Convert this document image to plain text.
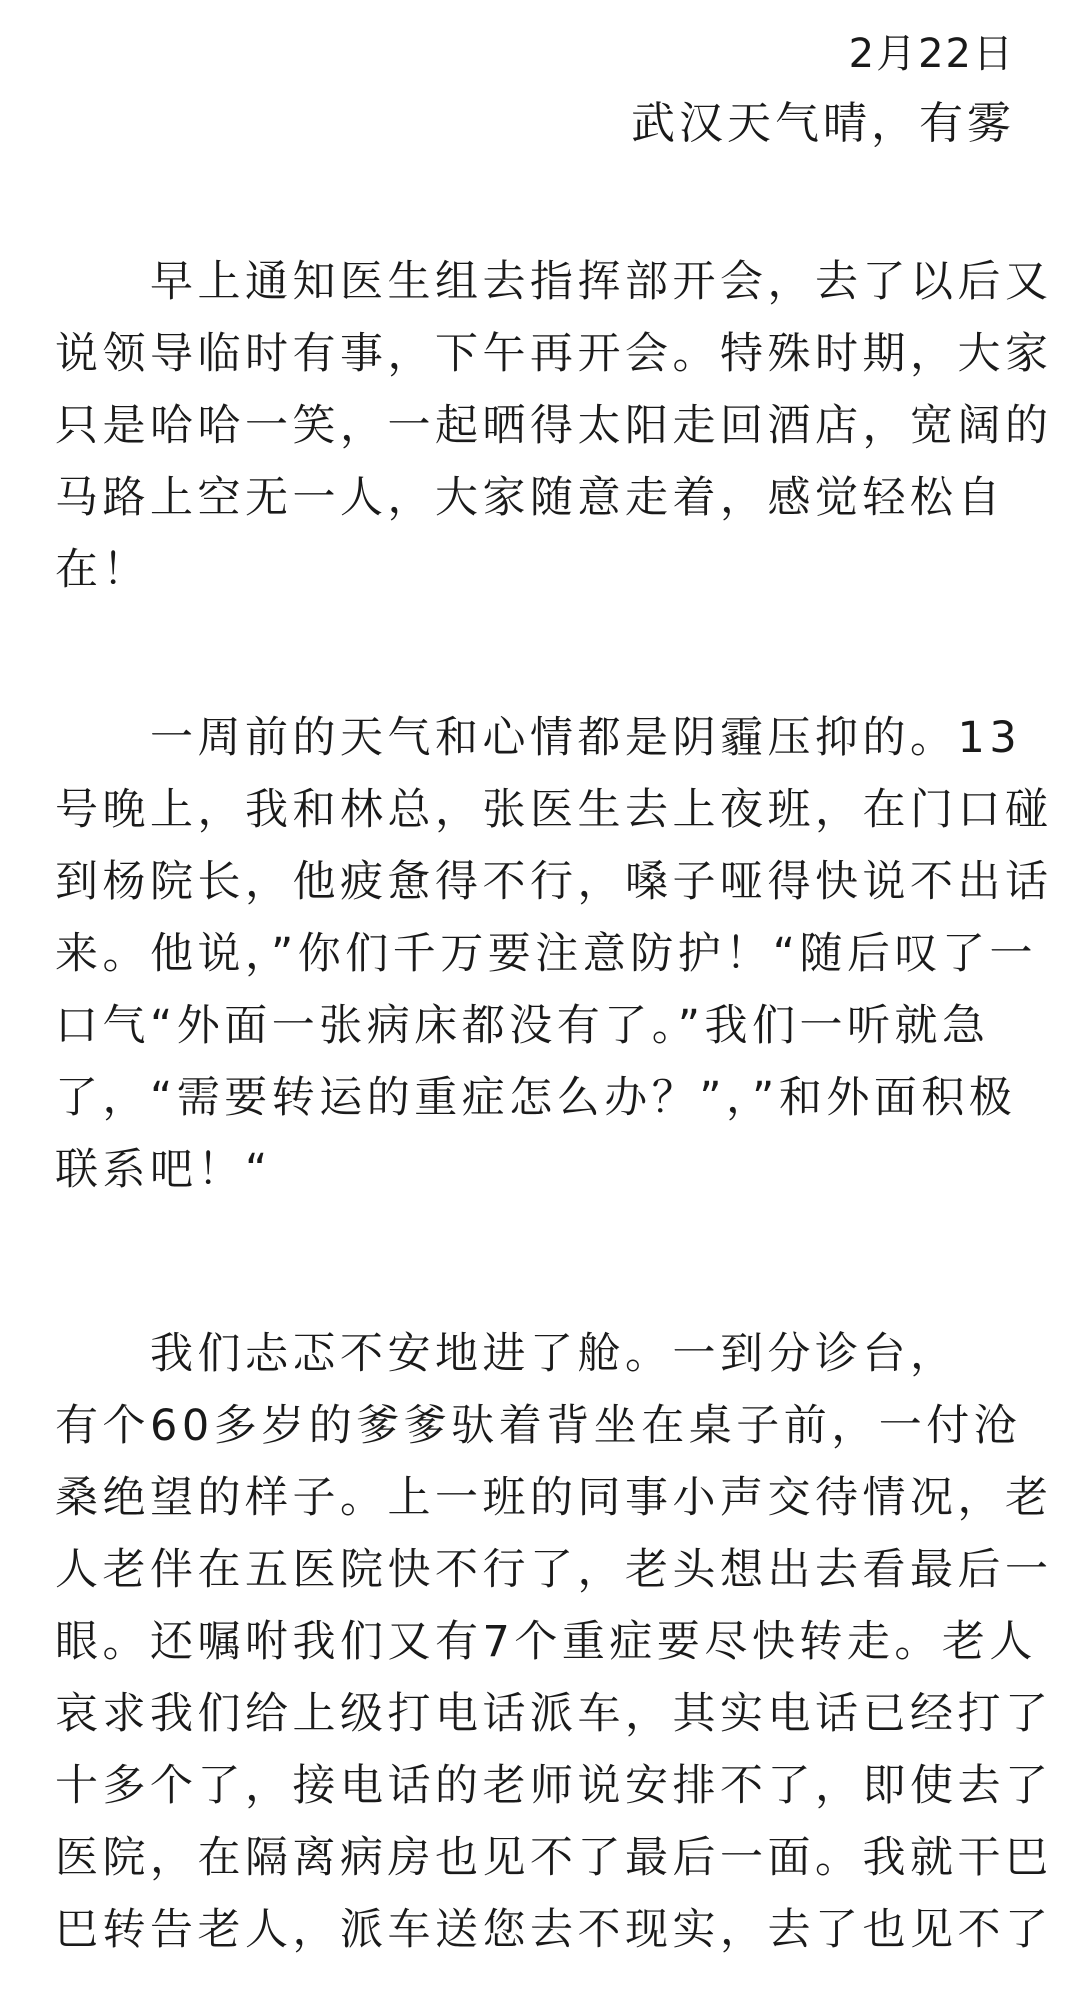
2月22日
武汉天气晴，有雾
　　早上通知医生组去指挥部开会，去了以后又
说领导临时有事，下午再开会。特殊时期，大家
只是哈哈一笑，一起晒得太阳走回酒店，宽阔的
马路上空无一人，大家随意走着，感觉轻松自
在！
　　一周前的天气和心情都是阴霾压抑的。13
号晚上，我和林总，张医生去上夜班，在门口碰
到杨院长，他疲惫得不行，嗓子哑得快说不出话
来。他说，”你们千万要注意防护！“随后叹了一
口气“外面一张病床都没有了。”我们一听就急
了，“需要转运的重症怎么办？”，”和外面积极
联系吧！“
　　我们忐忑不安地进了舱。一到分诊台，
有个60多岁的爹爹驮着背坐在桌子前，一付沧
桑绝望的样子。上一班的同事小声交待情况，老
人老伴在五医院快不行了，老头想出去看最后一
眼。还嘱咐我们又有7个重症要尽快转走。老人
哀求我们给上级打电话派车，其实电话已经打了
十多个了，接电话的老师说安排不了，即使去了
医院，在隔离病房也见不了最后一面。我就干巴
巴转告老人，派车送您去不现实，去了也见不了
